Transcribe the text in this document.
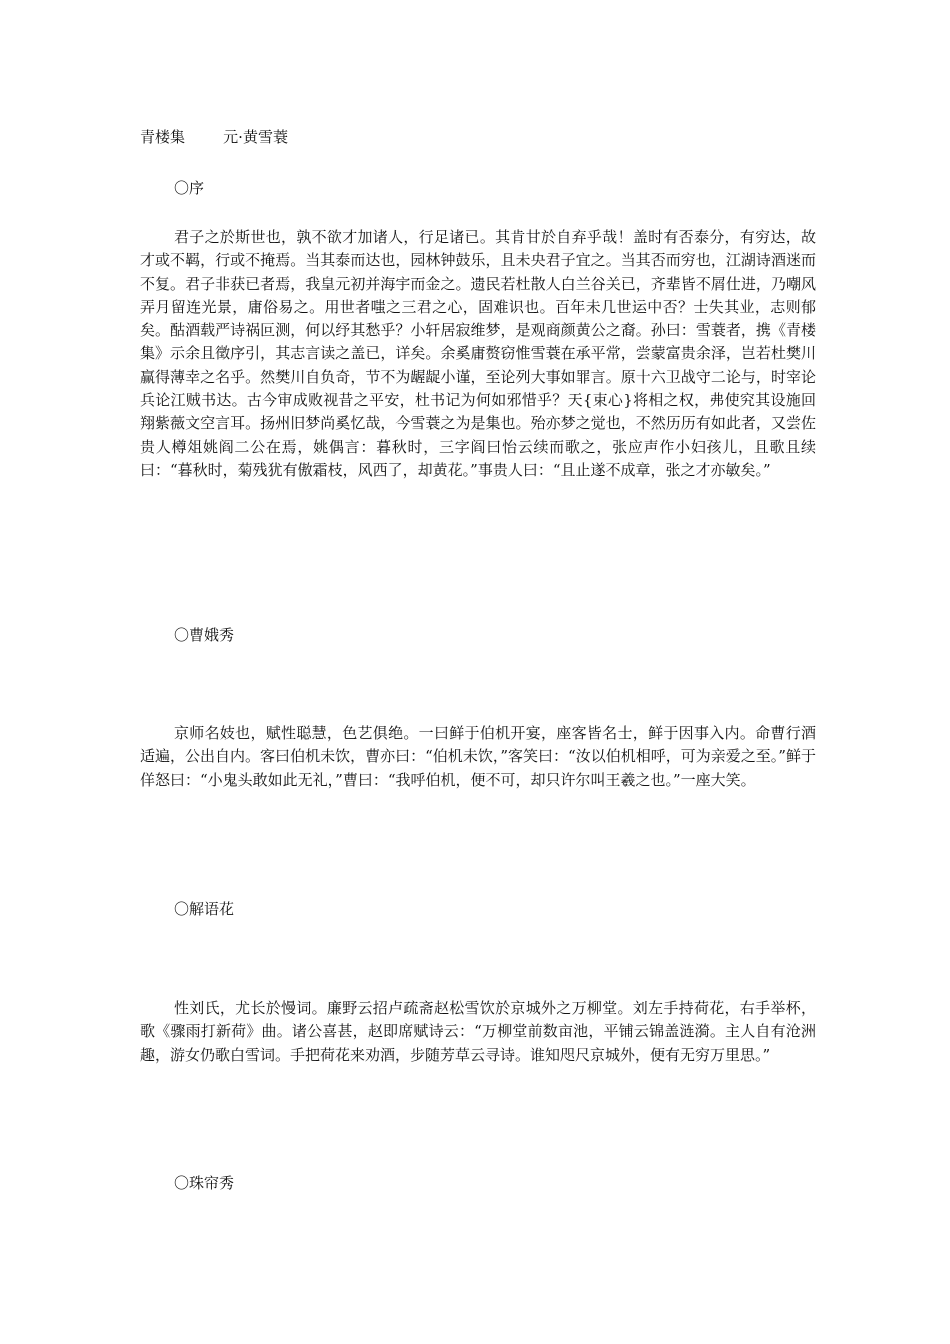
青楼集	元·黄雪蓑
〇序

君子之於斯世也，孰不欲才加诸人，行足诸已。其肯甘於自弃乎哉！盖时有否泰分，有穷达，故才或不羁，行或不掩焉。当其泰而达也，园林钟鼓乐，且未央君子宜之。当其否而穷也，江湖诗酒迷而不复。君子非获已者焉，我皇元初并海宇而金之。遗民若杜散人白兰谷关已，齐辈皆不屑仕进，乃嘲风弄月留连光景，庸俗易之。用世者嗤之三君之心，固难识也。百年未几世运中否？士失其业，志则郁矣。酤酒载严诗祸叵测，何以纾其愁乎？小轩居寂维梦，是观商颜黄公之裔。孙曰：雪蓑者，携《青楼集》示余且徵序引，其志言读之盖已，详矣。余奚庸赘窃惟雪蓑在承平常，尝蒙富贵余泽，岂若杜樊川赢得薄幸之名乎。然樊川自负奇，节不为龌龊小谨，至论列大事如罪言。原十六卫战守二论与，时宰论兵论江贼书达。古今审成败视昔之平安，杜书记为何如邪惜乎？天{束心}将相之权，弗使究其设施回翔紫薇文空言耳。扬州旧梦尚奚忆哉，今雪蓑之为是集也。殆亦梦之觉也，不然历历有如此者，又尝佐贵人樽俎姚阎二公在焉，姚偶言：暮秋时，三字阎曰怡云续而歌之，张应声作小妇孩儿，且歌且续曰：“暮秋时，菊残犹有傲霜枝，风西了，却黄花。”事贵人曰：“且止遂不成章，张之才亦敏矣。”

〇曹娥秀

京师名妓也，赋性聪慧，色艺俱绝。一曰鲜于伯机开宴，座客皆名士，鲜于因事入内。命曹行酒适遍，公出自内。客曰伯机未饮，曹亦曰：“伯机未饮，”客笑曰：“汝以伯机相呼，可为亲爱之至。”鲜于佯怒曰：“小鬼头敢如此无礼，”曹曰：“我呼伯机，便不可，却只许尔叫王羲之也。”一座大笑。

〇解语花

性刘氏，尤长於慢词。廉野云招卢疏斋赵松雪饮於京城外之万柳堂。刘左手持荷花，右手举杯，歌《骤雨打新荷》曲。诸公喜甚，赵即席赋诗云：“万柳堂前数亩池，平铺云锦盖涟漪。主人自有沧洲趣，游女仍歌白雪词。手把荷花来劝酒，步随芳草云寻诗。谁知咫尺京城外，便有无穷万里思。”

〇珠帘秀
